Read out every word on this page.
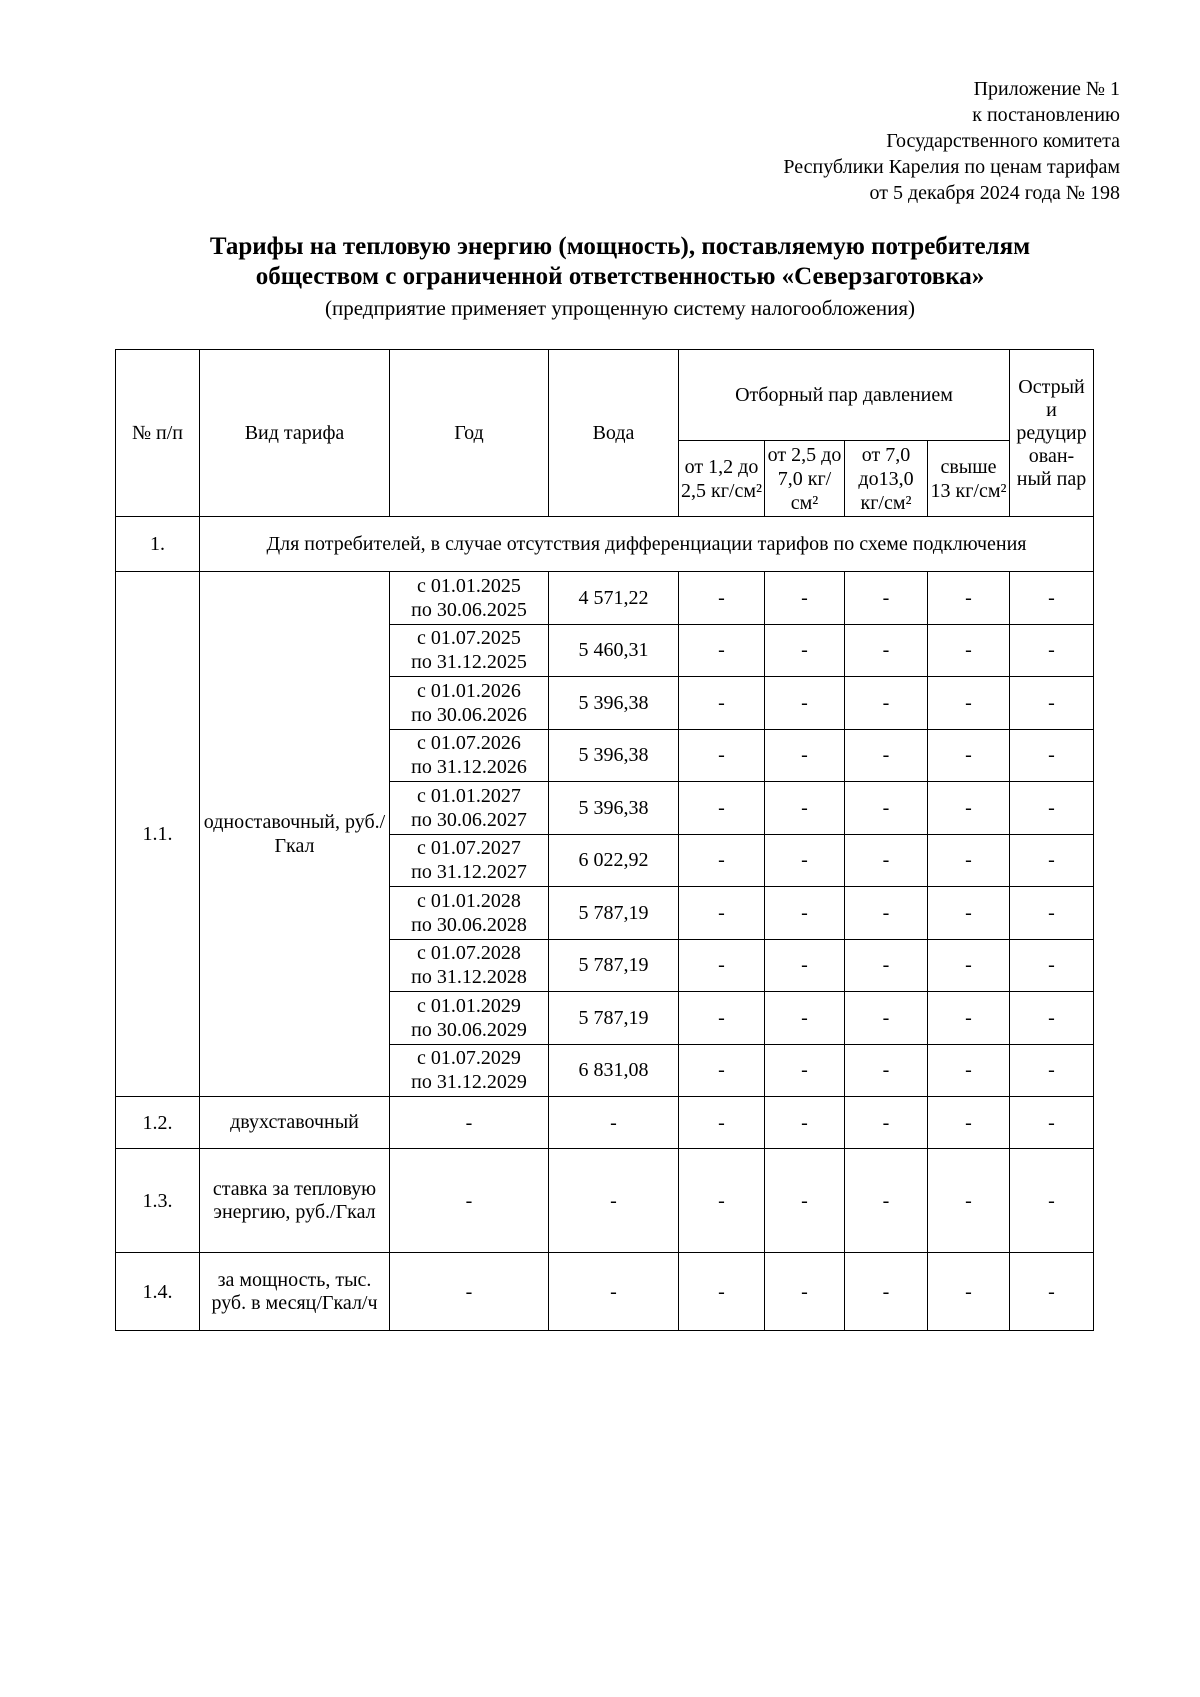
Приложение № 1
к постановлению
Государственного комитета
Республики Карелия по ценам тарифам
от 5 декабря 2024 года № 198
Тарифы на тепловую энергию (мощность), поставляемую потребителям
обществом с ограниченной ответственностью «Северзаготовка»
(предприятие применяет упрощенную систему налогообложения)
№ п/п	Вид тарифа	Год	Вода	Отборный пар давлением				Острый и редуцир ован-ный пар
				от 1,2 до 2,5 кг/см²	от 2,5 до 7,0 кг/см²	от 7,0 до13,0 кг/см²	свыше 13 кг/см²	
1.	Для потребителей, в случае отсутствия дифференциации тарифов по схеме подключения							
1.1.	одноставочный, руб./Гкал	с 01.01.2025
по 30.06.2025	4 571,22	-	-	-	-	-

		с 01.07.2025
по 31.12.2025	5 460,31	-	-	-	-	-

		с 01.01.2026
по 30.06.2026	5 396,38	-	-	-	-	-

		с 01.07.2026
по 31.12.2026	5 396,38	-	-	-	-	-

		с 01.01.2027
по 30.06.2027	5 396,38	-	-	-	-	-

		с 01.07.2027
по 31.12.2027	6 022,92	-	-	-	-	-

		с 01.01.2028
по 30.06.2028	5 787,19	-	-	-	-	-

		с 01.07.2028
по 31.12.2028	5 787,19	-	-	-	-	-

		с 01.01.2029
по 30.06.2029	5 787,19	-	-	-	-	-

		с 01.07.2029
по 31.12.2029	6 831,08	-	-	-	-	-
1.2.	двухставочный	-	-	-	-	-	-	-
1.3.	ставка за тепловую энергию, руб./Гкал	-	-	-	-	-	-	-
1.4.	за мощность, тыс. руб. в месяц/Гкал/ч	-	-	-	-	-	-	-
